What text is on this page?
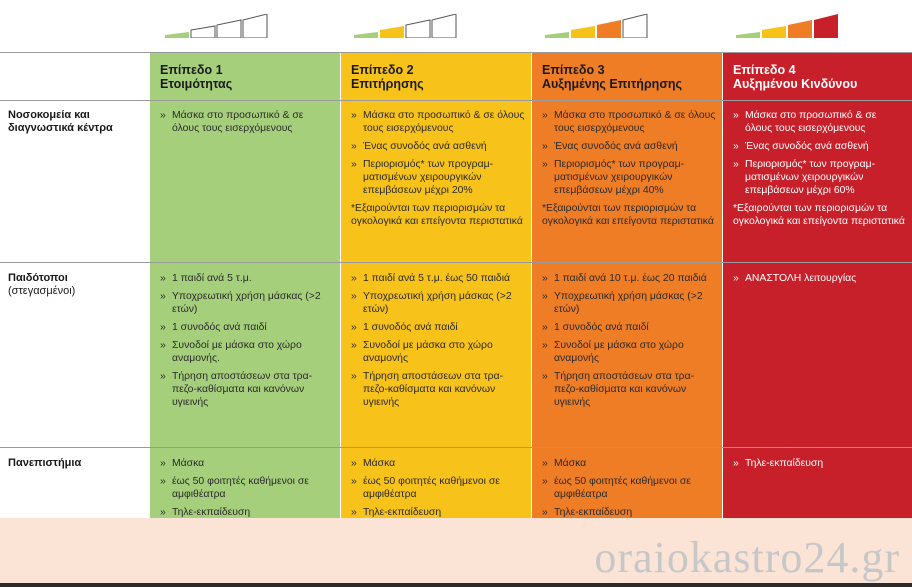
Επίπεδο 1
Ετοιμότητας
Επίπεδο 2
Επιτήρησης
Επίπεδο 3
Αυξημένης Επιτήρησης
Επίπεδο 4
Αυξημένου Κινδύνου
Νοσοκομεία και
διαγνωστικά κέντρα
Παιδότοποι
(στεγασμένοι)
Πανεπιστήμια
» Μάσκα στο προσωπικό & σε όλους τους εισερχόμενους
» Μάσκα στο προσωπικό & σε όλους τους εισερχόμενους
» Ένας συνοδός ανά ασθενή
» Περιορισμός* των προγραμ-ματισμένων χειρουργικών επεμβάσεων μέχρι 20%
*Εξαιρούνται των περιορισμών τα ογκολογικά και επείγοντα περιστατικά
» Μάσκα στο προσωπικό & σε όλους τους εισερχόμενους
» Ένας συνοδός ανά ασθενή
» Περιορισμός* των προγραμ-ματισμένων χειρουργικών επεμβάσεων μέχρι 40%
*Εξαιρούνται των περιορισμών τα ογκολογικά και επείγοντα περιστατικά
» Μάσκα στο προσωπικό & σε όλους τους εισερχόμενους
» Ένας συνοδός ανά ασθενή
» Περιορισμός* των προγραμ-ματισμένων χειρουργικών επεμβάσεων μέχρι 60%
*Εξαιρούνται των περιορισμών τα ογκολογικά και επείγοντα περιστατικά
» 1 παιδί ανά 5 τ.μ.
» Υποχρεωτική χρήση μάσκας (>2 ετών)
» 1 συνοδός ανά παιδί
» Συνοδοί με μάσκα στο χώρο αναμονής.
» Τήρηση αποστάσεων στα τρα-πεζο-καθίσματα και κανόνων υγιεινής
» 1 παιδί ανά 5 τ.μ. έως 50 παιδιά
» Υποχρεωτική χρήση μάσκας (>2 ετών)
» 1 συνοδός ανά παιδί
» Συνοδοί με μάσκα στο χώρο αναμονής
» Τήρηση αποστάσεων στα τρα-πεζο-καθίσματα και κανόνων υγιεινής
» 1 παιδί ανά 10 τ.μ. έως 20 παιδιά
» Υποχρεωτική χρήση μάσκας (>2 ετών)
» 1 συνοδός ανά παιδί
» Συνοδοί με μάσκα στο χώρο αναμονής
» Τήρηση αποστάσεων στα τρα-πεζο-καθίσματα και κανόνων υγιεινής
» ΑΝΑΣΤΟΛΗ λειτουργίας
» Μάσκα
» έως 50 φοιτητές καθήμενοι σε αμφιθέατρα
» Τηλε-εκπαίδευση
» Μάσκα
» έως 50 φοιτητές καθήμενοι σε αμφιθέατρα
» Τηλε-εκπαίδευση
» Μάσκα
» έως 50 φοιτητές καθήμενοι σε αμφιθέατρα
» Τηλε-εκπαίδευση
» Τηλε-εκπαίδευση
oraiokastro24.gr
